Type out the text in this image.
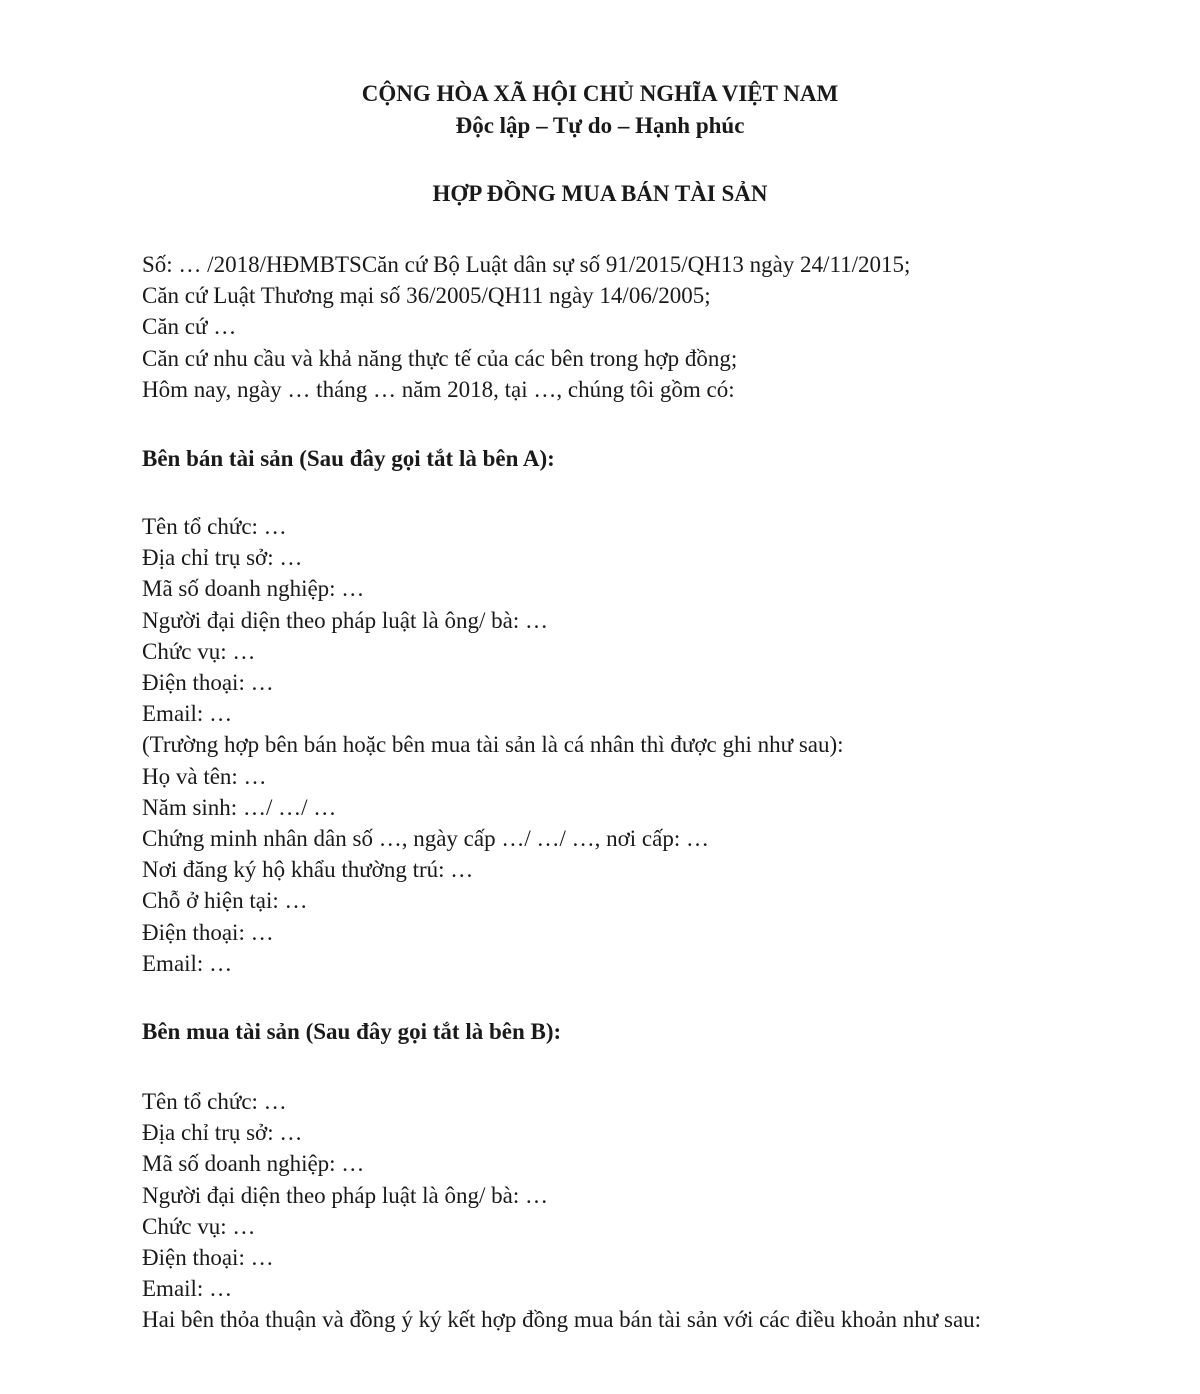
CỘNG HÒA XÃ HỘI CHỦ NGHĨA VIỆT NAM

Độc lập – Tự do – Hạnh phúc

HỢP ĐỒNG MUA BÁN TÀI SẢN

Số: … /2018/HĐMBTSCăn cứ Bộ Luật dân sự số 91/2015/QH13 ngày 24/11/2015;

Căn cứ Luật Thương mại số 36/2005/QH11 ngày 14/06/2005;

Căn cứ …

Căn cứ nhu cầu và khả năng thực tế của các bên trong hợp đồng;

Hôm nay, ngày … tháng … năm 2018, tại …, chúng tôi gồm có:

Bên bán tài sản (Sau đây gọi tắt là bên A):

Tên tổ chức: …

Địa chỉ trụ sở: …

Mã số doanh nghiệp: …

Người đại diện theo pháp luật là ông/ bà: …

Chức vụ: …

Điện thoại: …

Email: …

(Trường hợp bên bán hoặc bên mua tài sản là cá nhân thì được ghi như sau):

Họ và tên: …

Năm sinh: …/ …/ …

Chứng minh nhân dân số …, ngày cấp …/ …/ …, nơi cấp: …

Nơi đăng ký hộ khẩu thường trú: …

Chỗ ở hiện tại: …

Điện thoại: …

Email: …

Bên mua tài sản (Sau đây gọi tắt là bên B):

Tên tổ chức: …

Địa chỉ trụ sở: …

Mã số doanh nghiệp: …

Người đại diện theo pháp luật là ông/ bà: …

Chức vụ: …

Điện thoại: …

Email: …

Hai bên thỏa thuận và đồng ý ký kết hợp đồng mua bán tài sản với các điều khoản như sau:
